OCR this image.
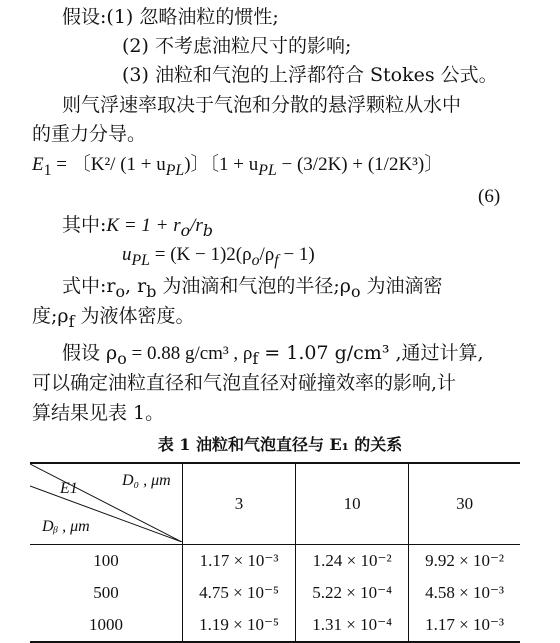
假设:(1) 忽略油粒的惯性;
(2) 不考虑油粒尺寸的影响;
(3) 油粒和气泡的上浮都符合 Stokes 公式。
则气浮速率取决于气泡和分散的悬浮颗粒从水中
的重力分导。
$E_1$ = 〔K²/ $(1 + u_{PL})$〕〔$1 + u_{PL} - (3/2K) + (1/2K^3)$〕
(6)
其中:K = $1 + r_o/r_b$
$u_{PL} = (K - 1)2(\rho_o/\rho_f - 1)$
式中$:r_o$, $r_b$ 为油滴和气泡的半径$;\rho_o$ 为油滴密
度$;\rho_f$ 为液体密度。
假设 $\rho_o = 0.88$ g/cm³ , $\rho_f = 1.07$ g/cm³ ,通过计算,
可以确定油粒直径和气泡直径对碰撞效率的影响,计
算结果见表 1。
表 1 油粒和气泡直径与 E₁ 的关系
E1 D₀ , μm
Dᵦ , μm	3	10	30
100	1.17 × 10⁻³	1.24 × 10⁻²	9.92 × 10⁻²
500	4.75 × 10⁻⁵	5.22 × 10⁻⁴	4.58 × 10⁻³
1000	1.19 × 10⁻⁵	1.31 × 10⁻⁴	1.17 × 10⁻³
